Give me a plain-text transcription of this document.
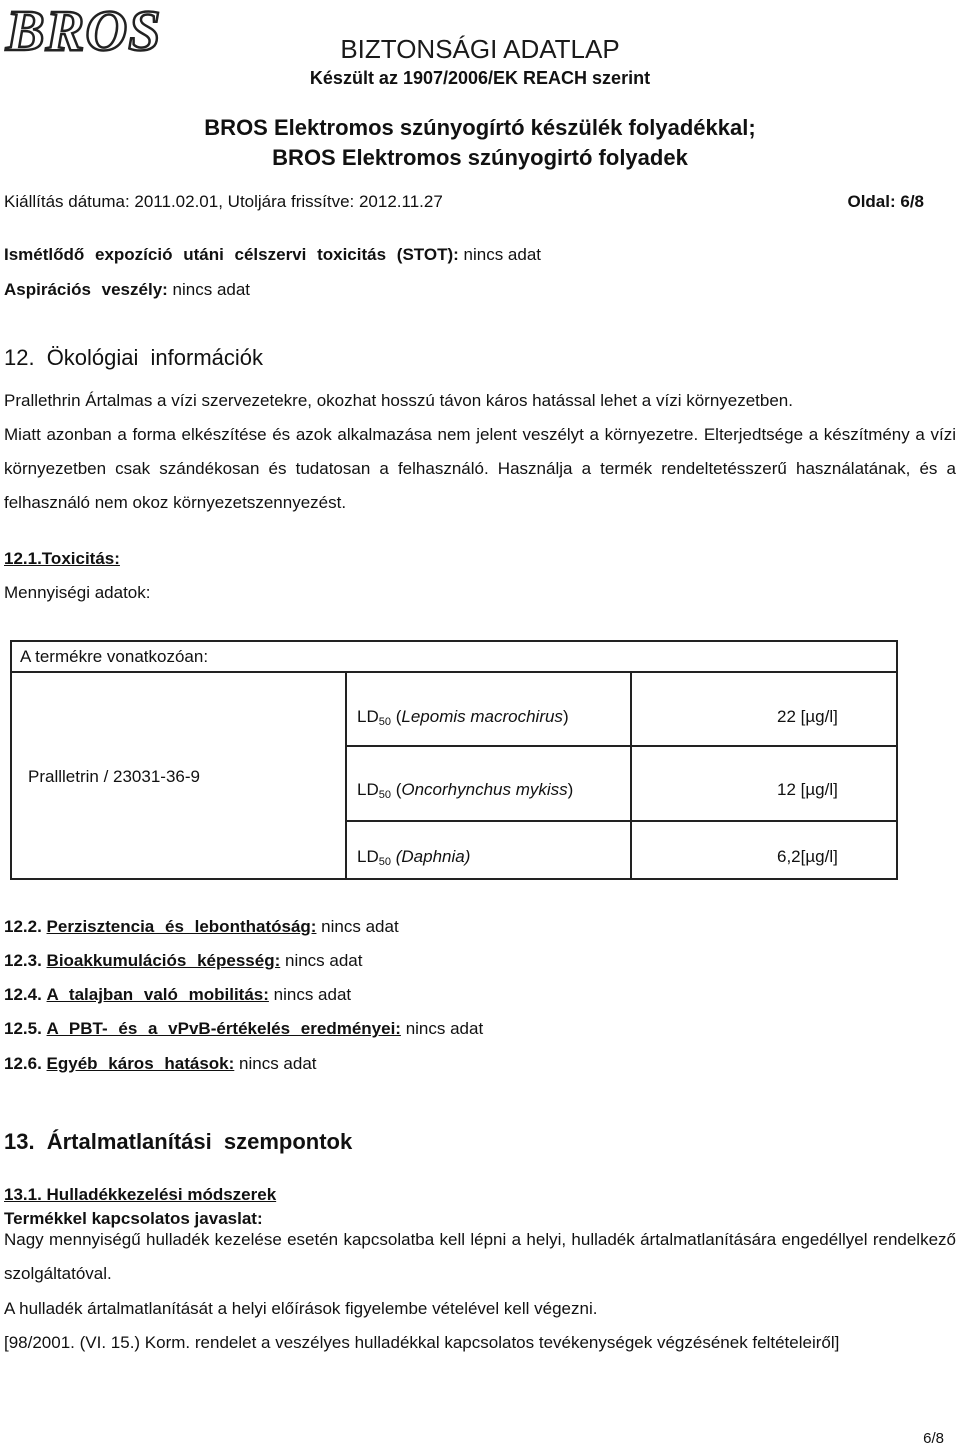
BROS	BIZTONSÁGI ADATLAP
Készült az 1907/2006/EK REACH szerint
BROS Elektromos szúnyogírtó készülék folyadékkal;
BROS Elektromos szúnyogirtó folyadek
Kiállítás dátuma: 2011.02.01, Utoljára frissítve: 2012.11.27	Oldal: 6/8
Ismétlődő expozíció utáni célszervi toxicitás (STOT): nincs adat
Aspirációs veszély: nincs adat
12. Ökológiai információk
Prallethrin Ártalmas a vízi szervezetekre, okozhat hosszú távon káros hatással lehet a vízi környezetben.
Miatt azonban a forma elkészítése és azok alkalmazása nem jelent veszélyt a környezetre. Elterjedtsége a készítmény a vízi környezetben csak szándékosan és tudatosan a felhasználó. Használja a termék rendeltetésszerű használatának, és a felhasználó nem okoz környezetszennyezést.
12.1.Toxicitás:
Mennyiségi adatok:
A termékre vonatkozóan:
Prallletrin / 23031-36-9
$LD_{50}$ (Lepomis macrochirus)	22 [µg/l]
$LD_{50}$ (Oncorhynchus mykiss)	12 [µg/l]
$LD_{50}$ (Daphnia)	6,2[µg/l]
12.2. Perzisztencia és lebonthatóság: nincs adat
12.3. Bioakkumulációs képesség: nincs adat
12.4. A talajban való mobilitás: nincs adat
12.5. A PBT- és a vPvB-értékelés eredményei: nincs adat
12.6. Egyéb káros hatások: nincs adat
13. Ártalmatlanítási szempontok
13.1. Hulladékkezelési módszerek
Termékkel kapcsolatos javaslat:
Nagy mennyiségű hulladék kezelése esetén kapcsolatba kell lépni a helyi, hulladék ártalmatlanítására engedéllyel rendelkező szolgáltatóval.
A hulladék ártalmatlanítását a helyi előírások figyelembe vételével kell végezni.
[98/2001. (VI. 15.) Korm. rendelet a veszélyes hulladékkal kapcsolatos tevékenységek végzésének feltételeiről]
6/8
